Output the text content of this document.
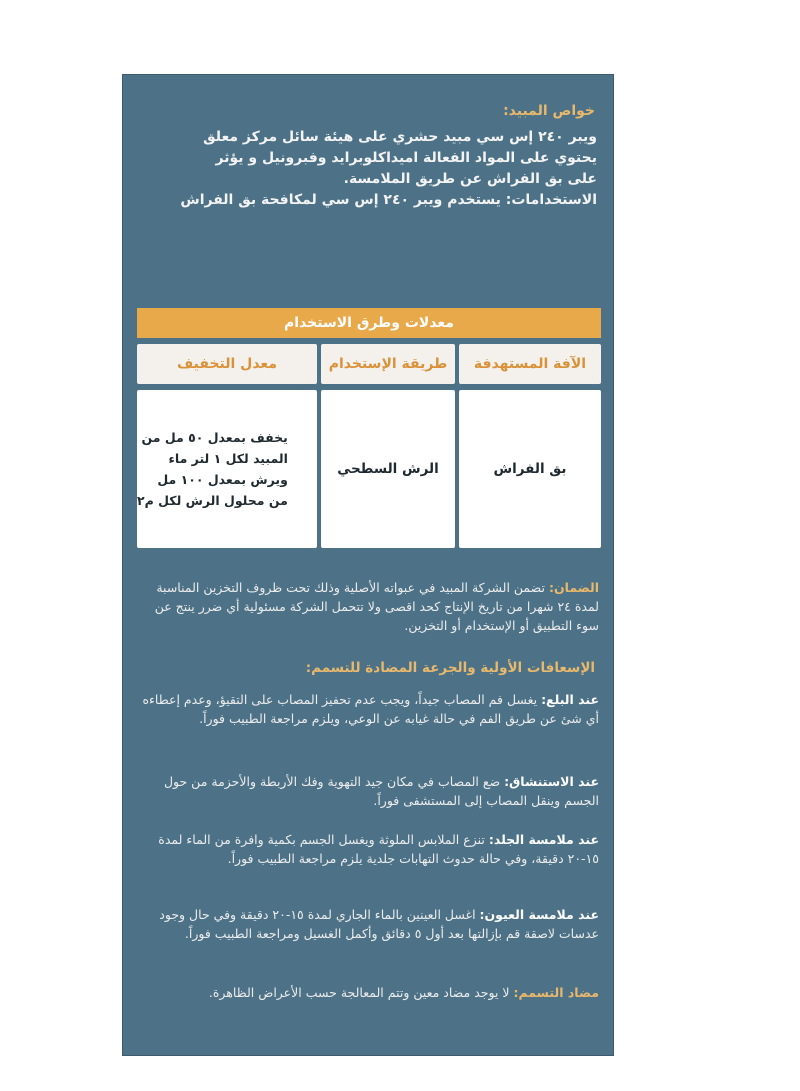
خواص المبيد:
ويبر ٢٤٠ إس سي مبيد حشري على هيئة سائل مركز معلق
يحتوي على المواد الفعالة اميداكلوبرايد وفبرونيل و يؤثر
على بق الفراش عن طريق الملامسة.
الاستخدامات: يستخدم ويبر ٢٤٠ إس سي لمكافحة بق الفراش
معدلات وطرق الاستخدام
معدل التخفيف	طريقة الإستخدام	الآفة المستهدفة
يخفف بمعدل ٥٠ مل من
المبيد لكل ١ لتر ماء
ويرش بمعدل ١٠٠ مل
من محلول الرش لكل م٢
الرش السطحي	بق الفراش
الضمان: تضمن الشركة المبيد في عبواته الأصلية وذلك تحت ظروف التخزين المناسبة لمدة ٢٤ شهرا من تاريخ الإنتاج كحد اقصى ولا تتحمل الشركة مسئولية أي ضرر ينتج عن سوء التطبيق أو الإستخدام أو التخزين.
الإسعافات الأولية والجرعة المضادة للتسمم:
عند البلع: يغسل فم المصاب جيداً، ويجب عدم تحفيز المصاب على التقيؤ، وعدم إعطاءه أي شئ عن طريق الفم في حالة غيابه عن الوعي، ويلزم مراجعة الطبيب فوراً.
عند الاستنشاق: ضع المصاب في مكان جيد التهوية وفك الأربطة والأحزمة من حول الجسم وينقل المصاب إلى المستشفى فوراً.
عند ملامسة الجلد: تنزع الملابس الملوثة ويغسل الجسم بكمية وافرة من الماء لمدة ١٥-٢٠ دقيقة، وفي حالة حدوث التهابات جلدية يلزم مراجعة الطبيب فوراً.
عند ملامسة العيون: اغسل العينين بالماء الجاري لمدة ١٥-٢٠ دقيقة وفي حال وجود عدسات لاصقة قم بإزالتها بعد أول ٥ دقائق وأكمل الغسيل ومراجعة الطبيب فوراً.
مضاد التسمم: لا يوجد مضاد معين وتتم المعالجة حسب الأعراض الظاهرة.
